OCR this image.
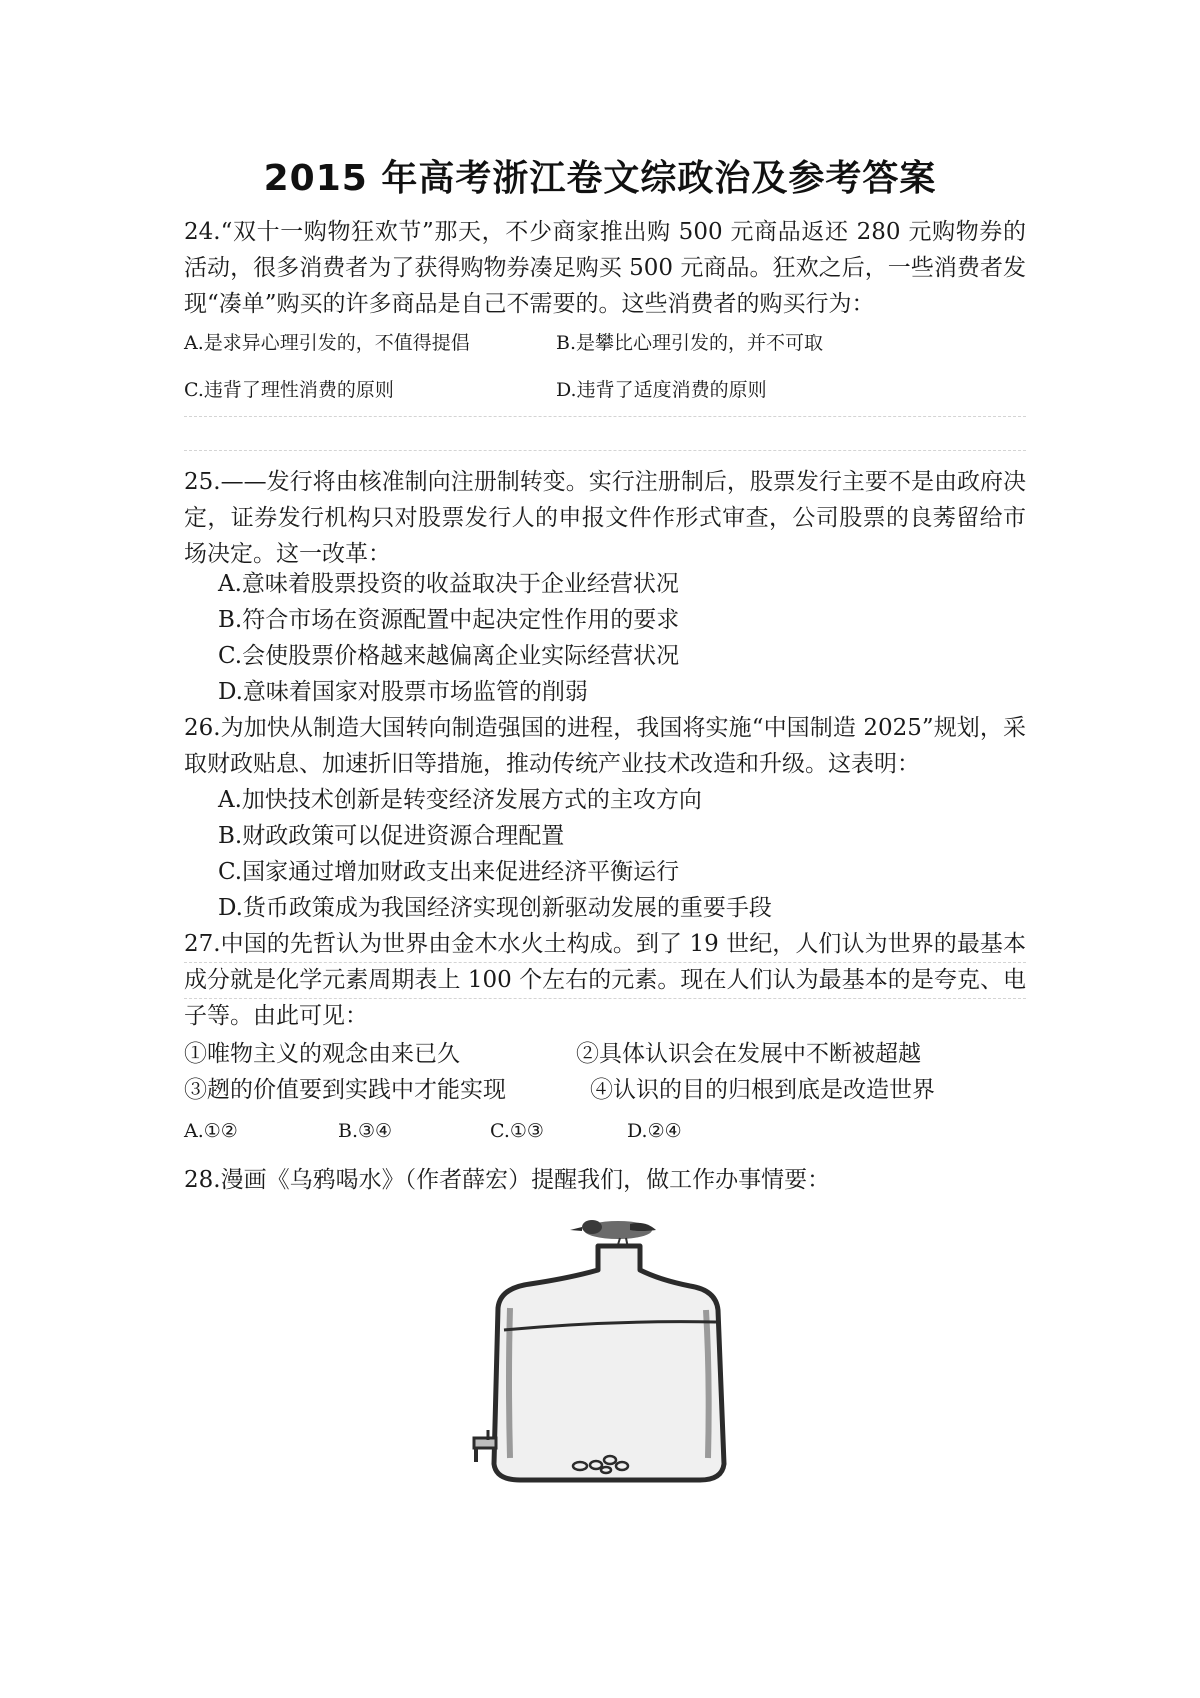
2015 年高考浙江卷文综政治及参考答案

24.“双十一购物狂欢节”那天，不少商家推出购 500 元商品返还 280 元购物券的活动，很多消费者为了获得购物券凑足购买 500 元商品。狂欢之后，一些消费者发现“凑单”购买的许多商品是自己不需要的。这些消费者的购买行为：

A.是求异心理引发的，不值得提倡	B.是攀比心理引发的，并不可取
C.违背了理性消费的原则	D.违背了适度消费的原则

25.——发行将由核准制向注册制转变。实行注册制后，股票发行主要不是由政府决定，证券发行机构只对股票发行人的申报文件作形式审查，公司股票的良莠留给市场决定。这一改革：

A.意味着股票投资的收益取决于企业经营状况
B.符合市场在资源配置中起决定性作用的要求
C.会使股票价格越来越偏离企业实际经营状况
D.意味着国家对股票市场监管的削弱

26.为加快从制造大国转向制造强国的进程，我国将实施“中国制造 2025”规划，采取财政贴息、加速折旧等措施，推动传统产业技术改造和升级。这表明：

A.加快技术创新是转变经济发展方式的主攻方向
B.财政政策可以促进资源合理配置
C.国家通过增加财政支出来促进经济平衡运行
D.货币政策成为我国经济实现创新驱动发展的重要手段

27.中国的先哲认为世界由金木水火土构成。到了 19 世纪，人们认为世界的最基本成分就是化学元素周期表上 100 个左右的元素。现在人们认为最基本的是夸克、电子等。由此可见：

①唯物主义的观念由来已久	②具体认识会在发展中不断被超越
③趔的价值要到实践中才能实现	④认识的目的归根到底是改造世界
A.①②	B.③④	C.①③	D.②④

28.漫画《乌鸦喝水》（作者薛宏）提醒我们，做工作办事情要：
